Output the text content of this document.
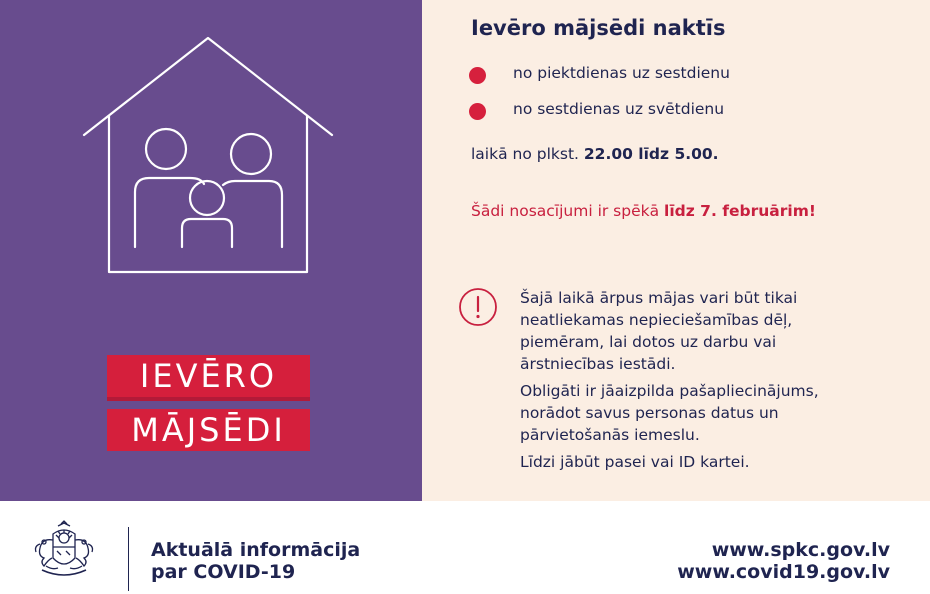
IEVĒRO
MĀJSĒDI
Ievēro mājsēdi naktīs
no piektdienas uz sestdienu
no sestdienas uz svētdienu
laikā no plkst. 22.00 līdz 5.00.
Šādi nosacījumi ir spēkā līdz 7. februārim!

Šajā laikā ārpus mājas vari būt tikai
neatliekamas nepieciešamības dēļ,
piemēram, lai dotos uz darbu vai
ārstniecības iestādi.

Obligāti ir jāaizpilda pašapliecinājums,
norādot savus personas datus un
pārvietošanās iemeslu.

Līdzi jābūt pasei vai ID kartei.

Aktuālā informācija
par COVID-19
www.spkc.gov.lv
www.covid19.gov.lv
